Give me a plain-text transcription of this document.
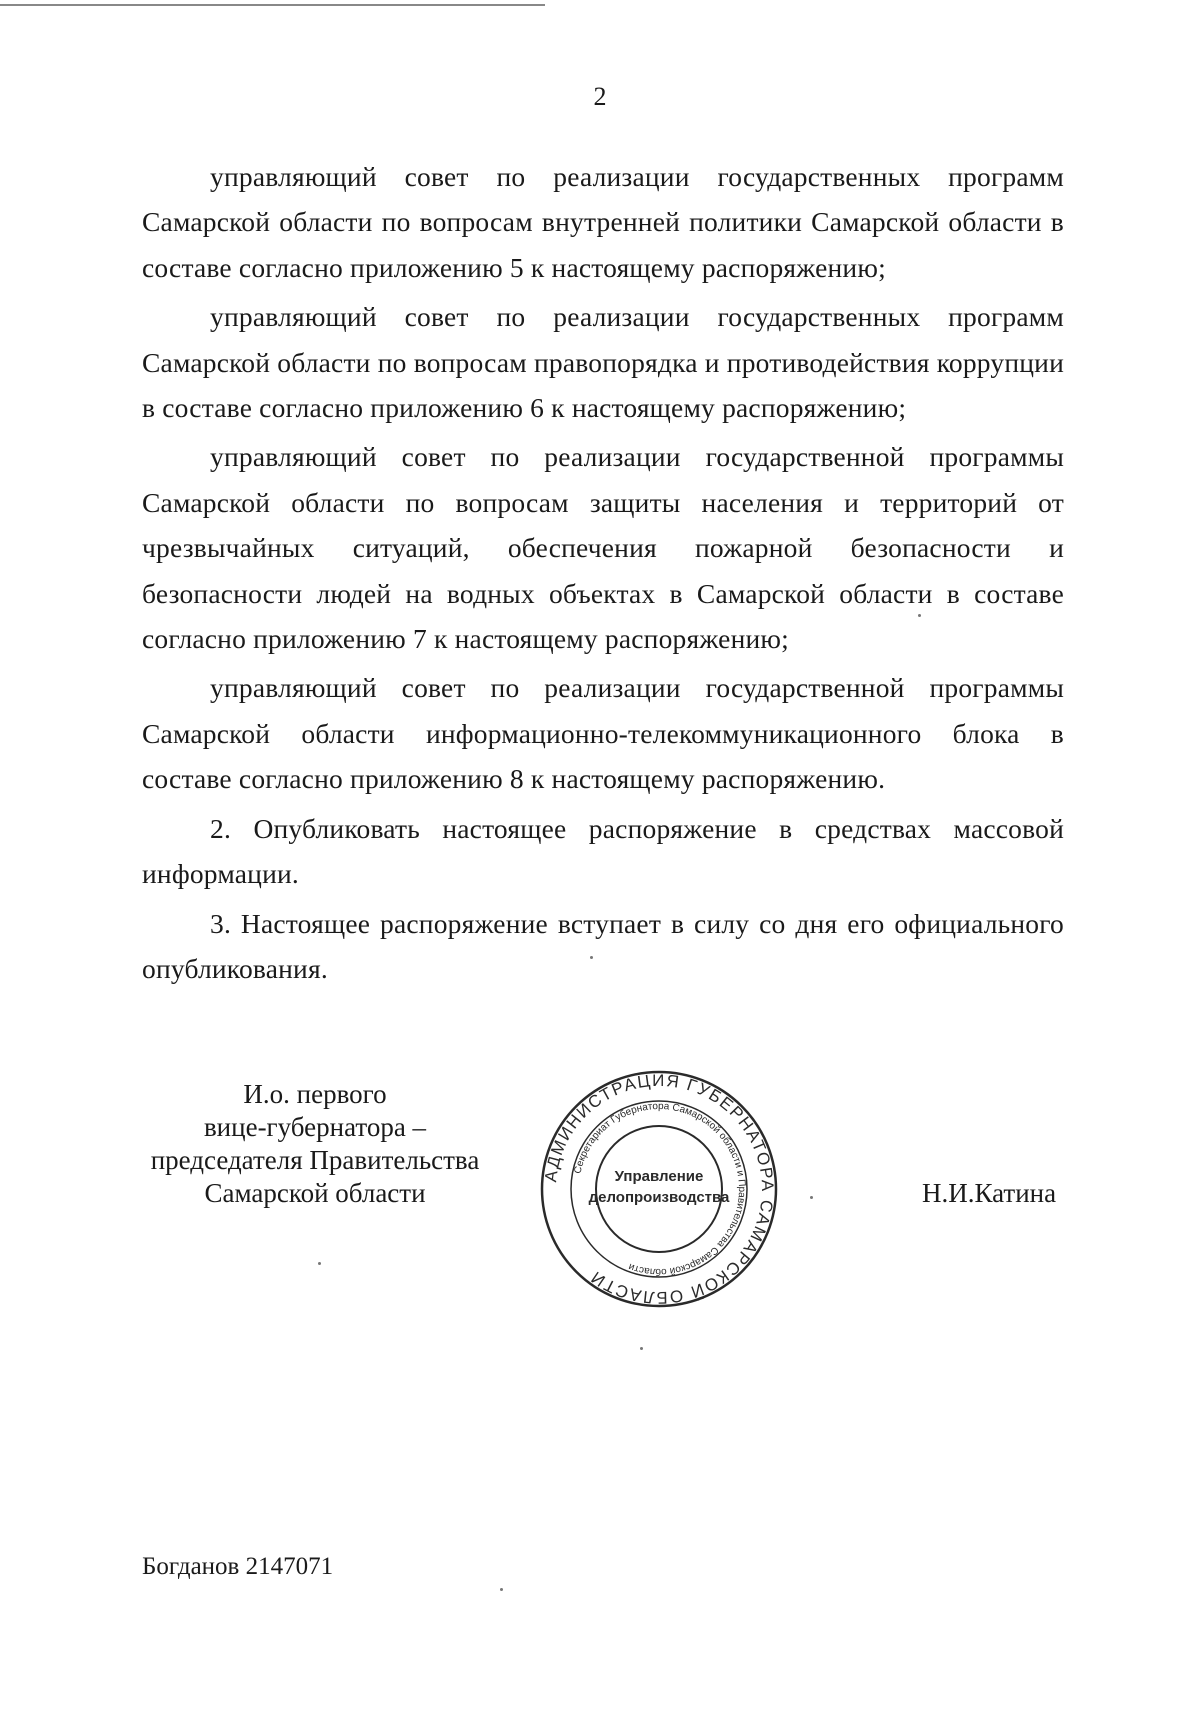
2

управляющий совет по реализации государственных программ Самарской области по вопросам внутренней политики Самарской области в составе согласно приложению 5 к настоящему распоряжению;

управляющий совет по реализации государственных программ Самарской области по вопросам правопорядка и противодействия коррупции в составе согласно приложению 6 к настоящему распоряжению;

управляющий совет по реализации государственной программы Самарской области по вопросам защиты населения и территорий от чрезвычайных ситуаций, обеспечения пожарной безопасности и безопасности людей на водных объектах в Самарской области в составе согласно приложению 7 к настоящему распоряжению;

управляющий совет по реализации государственной программы Самарской области информационно-телекоммуникационного блока в составе согласно приложению 8 к настоящему распоряжению.

2. Опубликовать настоящее распоряжение в средствах массовой информации.

3. Настоящее распоряжение вступает в силу со дня его официального опубликования.

И.о. первого
вице-губернатора –
председателя Правительства
Самарской области
АДМИНИСТРАЦИЯ ГУБЕРНАТОРА САМАРСКОЙ ОБЛАСТИ
Секретариат Губернатора Самарской области и Правительства Самарской области
Управление
делопроизводства	Н.И.Катина
Богданов 2147071
